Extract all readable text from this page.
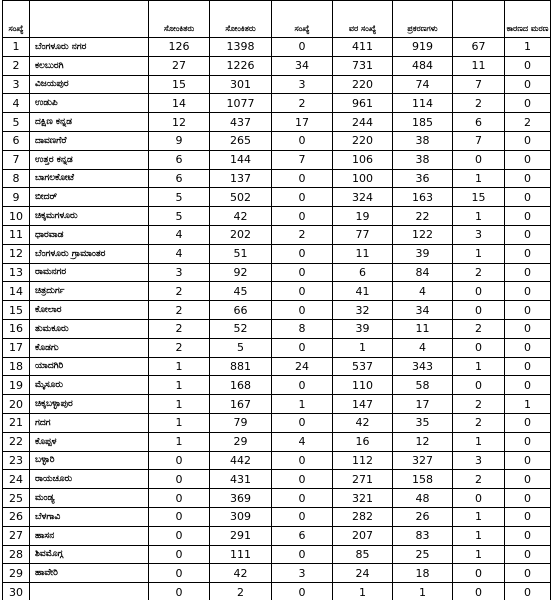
ಸಂಖ್ಯೆ		ಸೋಂಕಿತರು	ಸೋಂಕಿತರು	ಸಂಖ್ಯೆ	ವರ ಸಂಖ್ಯೆ	ಪ್ರಕರಣಗಳು		ಕಾರಣದ ಮರಣ
1	ಬೆಂಗಳೂರು ನಗರ	126	1398	0	411	919	67	1
2	ಕಲಬುರಗಿ	27	1226	34	731	484	11	0
3	ವಿಜಯಪುರ	15	301	3	220	74	7	0
4	ಉಡುಪಿ	14	1077	2	961	114	2	0
5	ದಕ್ಷಿಣ ಕನ್ನಡ	12	437	17	244	185	6	2
6	ದಾವಣಗೆರೆ	9	265	0	220	38	7	0
7	ಉತ್ತರ ಕನ್ನಡ	6	144	7	106	38	0	0
8	ಬಾಗಲಕೋಟೆ	6	137	0	100	36	1	0
9	ಬೀದರ್	5	502	0	324	163	15	0
10	ಚಿಕ್ಕಮಗಳೂರು	5	42	0	19	22	1	0
11	ಧಾರವಾಡ	4	202	2	77	122	3	0
12	ಬೆಂಗಳೂರು ಗ್ರಾಮಾಂತರ	4	51	0	11	39	1	0
13	ರಾಮನಗರ	3	92	0	6	84	2	0
14	ಚಿತ್ರದುರ್ಗ	2	45	0	41	4	0	0
15	ಕೋಲಾರ	2	66	0	32	34	0	0
16	ತುಮಕೂರು	2	52	8	39	11	2	0
17	ಕೊಡಗು	2	5	0	1	4	0	0
18	ಯಾದಗಿರಿ	1	881	24	537	343	1	0
19	ಮೈಸೂರು	1	168	0	110	58	0	0
20	ಚಿಕ್ಕಬಳ್ಳಾಪುರ	1	167	1	147	17	2	1
21	ಗದಗ	1	79	0	42	35	2	0
22	ಕೊಪ್ಪಳ	1	29	4	16	12	1	0
23	ಬಳ್ಳಾರಿ	0	442	0	112	327	3	0
24	ರಾಯಚೂರು	0	431	0	271	158	2	0
25	ಮಂಡ್ಯ	0	369	0	321	48	0	0
26	ಬೆಳಗಾವಿ	0	309	0	282	26	1	0
27	ಹಾಸನ	0	291	6	207	83	1	0
28	ಶಿವಮೊಗ್ಗ	0	111	0	85	25	1	0
29	ಹಾವೇರಿ	0	42	3	24	18	0	0
30		0	2	0	1	1	0	0
